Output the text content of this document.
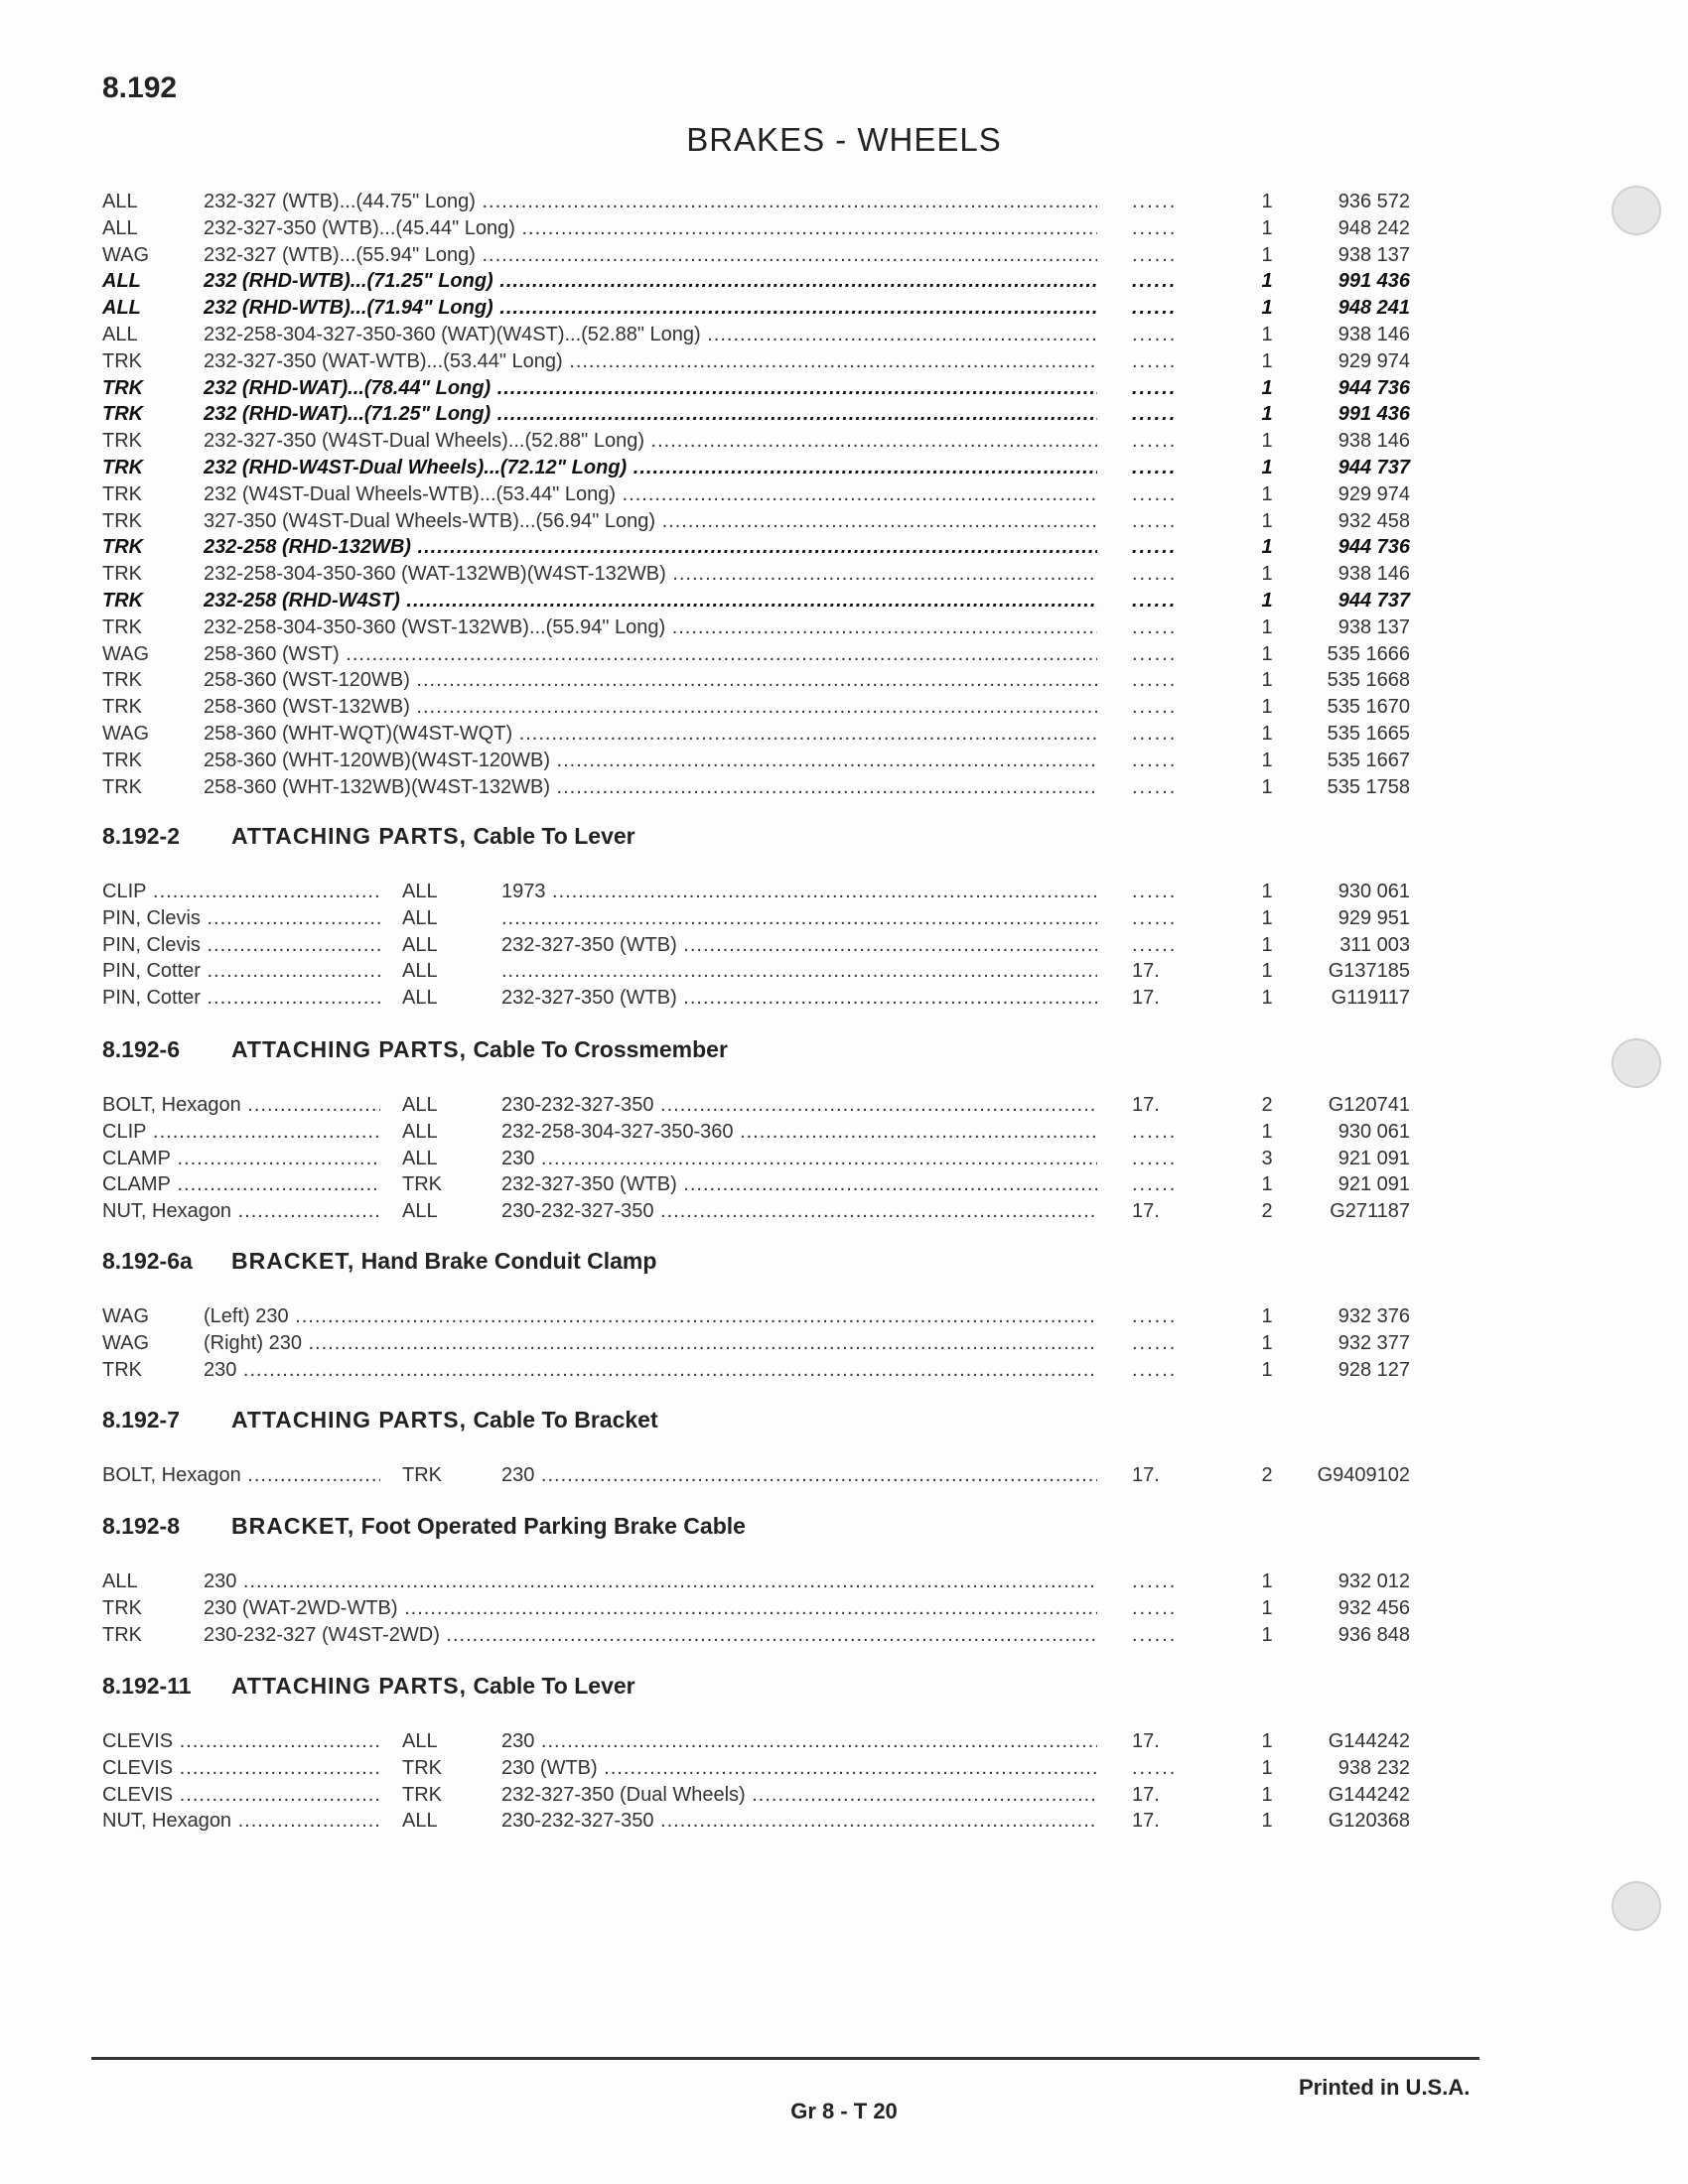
8.192
BRAKES - WHEELS
ALL	232-327 (WTB)...(44.75" Long) ..... ......	1	936 572
ALL	232-327-350 (WTB)...(45.44" Long) ..... ......	1	948 242
WAG	232-327 (WTB)...(55.94" Long) ..... ......	1	938 137
ALL	232 (RHD-WTB)...(71.25" Long) ..... ......	1	991 436
ALL	232 (RHD-WTB)...(71.94" Long) ..... ......	1	948 241
ALL	232-258-304-327-350-360 (WAT)(W4ST)...(52.88" Long) ..... ......	1	938 146
TRK	232-327-350 (WAT-WTB)...(53.44" Long) ..... ......	1	929 974
TRK	232 (RHD-WAT)...(78.44" Long) ..... ......	1	944 736
TRK	232 (RHD-WAT)...(71.25" Long) ..... ......	1	991 436
TRK	232-327-350 (W4ST-Dual Wheels)...(52.88" Long) ..... ......	1	938 146
TRK	232 (RHD-W4ST-Dual Wheels)...(72.12" Long) ..... ......	1	944 737
TRK	232 (W4ST-Dual Wheels-WTB)...(53.44" Long) ..... ......	1	929 974
TRK	327-350 (W4ST-Dual Wheels-WTB)...(56.94" Long) ..... ......	1	932 458
TRK	232-258 (RHD-132WB) ..... ......	1	944 736
TRK	232-258-304-350-360 (WAT-132WB)(W4ST-132WB) ..... ......	1	938 146
TRK	232-258 (RHD-W4ST) ..... ......	1	944 737
TRK	232-258-304-350-360 (WST-132WB)...(55.94" Long) ..... ......	1	938 137
WAG	258-360 (WST) ..... ......	1	535 1666
TRK	258-360 (WST-120WB) ..... ......	1	535 1668
TRK	258-360 (WST-132WB) ..... ......	1	535 1670
WAG	258-360 (WHT-WQT)(W4ST-WQT) ..... ......	1	535 1665
TRK	258-360 (WHT-120WB)(W4ST-120WB) ..... ......	1	535 1667
TRK	258-360 (WHT-132WB)(W4ST-132WB) ..... ......	1	535 1758
8.192-2 ATTACHING PARTS, Cable To Lever
CLIP .....	ALL	1973 ..... ......	1	930 061
PIN, Clevis .....	ALL ..... ......	1	929 951
PIN, Clevis .....	ALL	232-327-350 (WTB) ..... ......	1	311 003
PIN, Cotter .....	ALL .....	17.	1	G137185
PIN, Cotter .....	ALL	232-327-350 (WTB) .....	17.	1	G119117
8.192-6 ATTACHING PARTS, Cable To Crossmember
BOLT, Hexagon .....	ALL	230-232-327-350 .....	17.	2	G120741
CLIP .....	ALL	232-258-304-327-350-360 ..... ......	1	930 061
CLAMP .....	ALL	230 ..... ......	3	921 091
CLAMP .....	TRK	232-327-350 (WTB) ..... ......	1	921 091
NUT, Hexagon .....	ALL	230-232-327-350 .....	17.	2	G271187
8.192-6a BRACKET, Hand Brake Conduit Clamp
WAG	(Left) 230 ..... ......	1	932 376
WAG	(Right) 230 ..... ......	1	932 377
TRK	230 ..... ......	1	928 127
8.192-7 ATTACHING PARTS, Cable To Bracket
BOLT, Hexagon .....	TRK	230 .....	17.	2	G9409102
8.192-8 BRACKET, Foot Operated Parking Brake Cable
ALL	230 ..... ......	1	932 012
TRK	230 (WAT-2WD-WTB) ..... ......	1	932 456
TRK	230-232-327 (W4ST-2WD) ..... ......	1	936 848
8.192-11 ATTACHING PARTS, Cable To Lever
CLEVIS .....	ALL	230 .....	17.	1	G144242
CLEVIS .....	TRK	230 (WTB) ..... ......	1	938 232
CLEVIS .....	TRK	232-327-350 (Dual Wheels) .....	17.	1	G144242
NUT, Hexagon .....	ALL	230-232-327-350 .....	17.	1	G120368
Printed in U.S.A.
Gr 8 - T 20
